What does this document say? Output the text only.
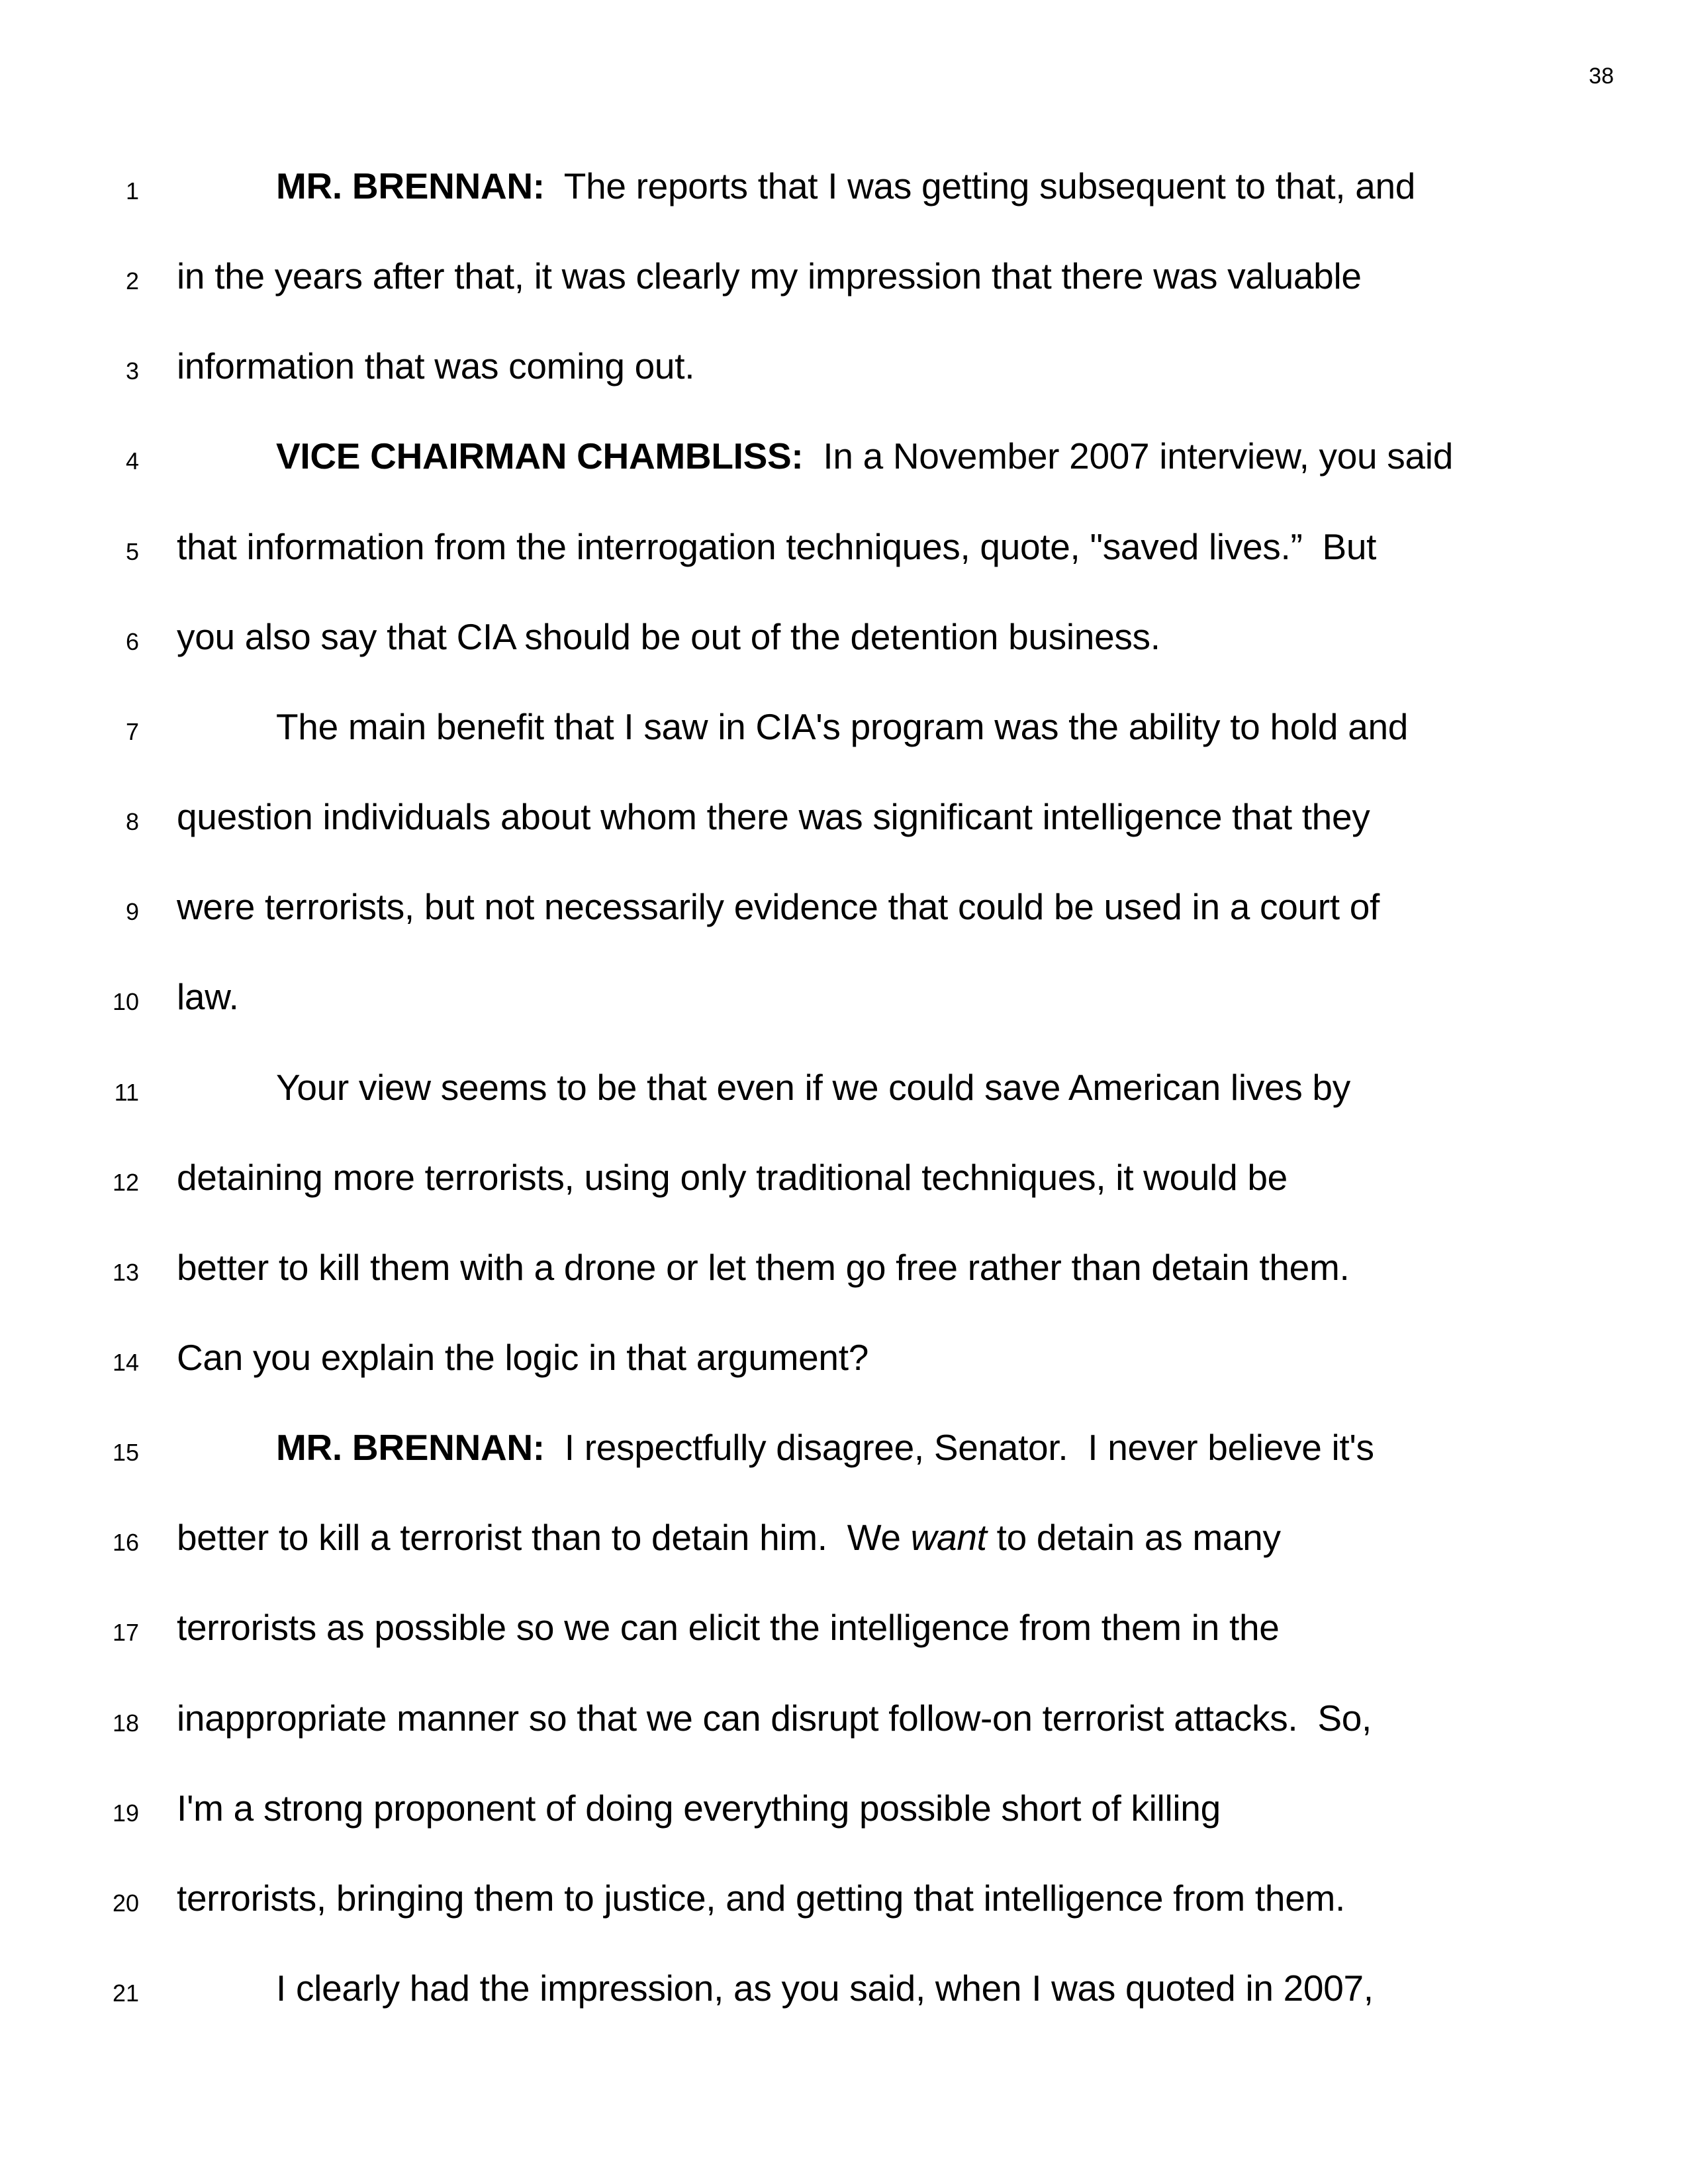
38
1	MR. BRENNAN:  The reports that I was getting subsequent to that, and
2 in the years after that, it was clearly my impression that there was valuable
3 information that was coming out.
4	VICE CHAIRMAN CHAMBLISS:  In a November 2007 interview, you said
5 that information from the interrogation techniques, quote, "saved lives.”  But
6 you also say that CIA should be out of the detention business.
7	The main benefit that I saw in CIA's program was the ability to hold and
8 question individuals about whom there was significant intelligence that they
9 were terrorists, but not necessarily evidence that could be used in a court of
10 law.
11	Your view seems to be that even if we could save American lives by
12 detaining more terrorists, using only traditional techniques, it would be
13 better to kill them with a drone or let them go free rather than detain them.
14 Can you explain the logic in that argument?
15	MR. BRENNAN:  I respectfully disagree, Senator.  I never believe it's
16 better to kill a terrorist than to detain him.  We want to detain as many
17 terrorists as possible so we can elicit the intelligence from them in the
18 inappropriate manner so that we can disrupt follow-on terrorist attacks.  So,
19 I'm a strong proponent of doing everything possible short of killing
20 terrorists, bringing them to justice, and getting that intelligence from them.
21	I clearly had the impression, as you said, when I was quoted in 2007,
